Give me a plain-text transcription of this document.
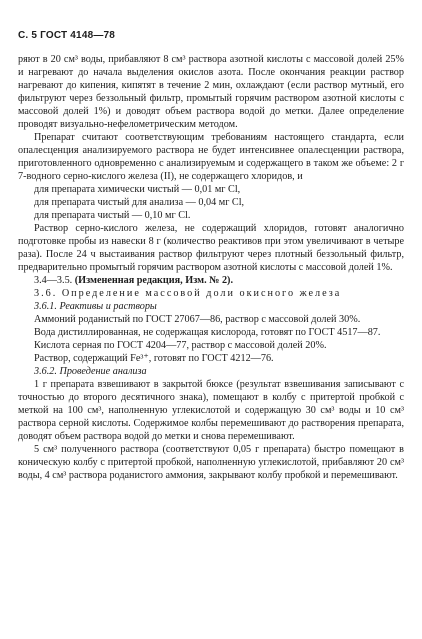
С. 5 ГОСТ 4148—78

ряют в 20 см³ воды, прибавляют 8 см³ раствора азотной кислоты с массовой долей 25% и нагревают до начала выделения окислов азота. После окончания реакции раствор нагревают до кипения, кипятят в течение 2 мин, охлаждают (если раствор мутный, его фильтруют через беззольный фильтр, промытый горячим раствором азотной кислоты с массовой долей 1%) и доводят объем раствора водой до метки. Далее определение проводят визуально-нефелометрическим методом.

Препарат считают соответствующим требованиям настоящего стандарта, если опалесценция анализируемого раствора не будет интенсивнее опалесценции раствора, приготовленного одновременно с анализируемым и содержащего в таком же объеме: 2 г 7-водного серно-кислого железа (II), не содержащего хлоридов, и

для препарата химически чистый — 0,01 мг Cl,

для препарата чистый для анализа — 0,04 мг Cl,

для препарата чистый — 0,10 мг Cl.

Раствор серно-кислого железа, не содержащий хлоридов, готовят аналогично подготовке пробы из навески 8 г (количество реактивов при этом увеличивают в четыре раза). После 24 ч выстаивания раствор фильтруют через плотный беззольный фильтр, предварительно промытый горячим раствором азотной кислоты с массовой долей 1%.

3.4—3.5. (Измененная редакция, Изм. № 2).

3.6. Определение массовой доли окисного железа

3.6.1. Реактивы и растворы

Аммоний роданистый по ГОСТ 27067—86, раствор с массовой долей 30%.

Вода дистиллированная, не содержащая кислорода, готовят по ГОСТ 4517—87.

Кислота серная по ГОСТ 4204—77, раствор с массовой долей 20%.

Раствор, содержащий Fe³⁺, готовят по ГОСТ 4212—76.

3.6.2. Проведение анализа

1 г препарата взвешивают в закрытой бюксе (результат взвешивания записывают с точностью до второго десятичного знака), помещают в колбу с притертой пробкой с меткой на 100 см³, наполненную углекислотой и содержащую 30 см³ воды и 10 см³ раствора серной кислоты. Содержимое колбы перемешивают до растворения препарата, доводят объем раствора водой до метки и снова перемешивают.

5 см³ полученного раствора (соответствуют 0,05 г препарата) быстро помещают в коническую колбу с притертой пробкой, наполненную углекислотой, прибавляют 20 см³ воды, 4 см³ раствора роданистого аммония, закрывают колбу пробкой и перемешивают.
